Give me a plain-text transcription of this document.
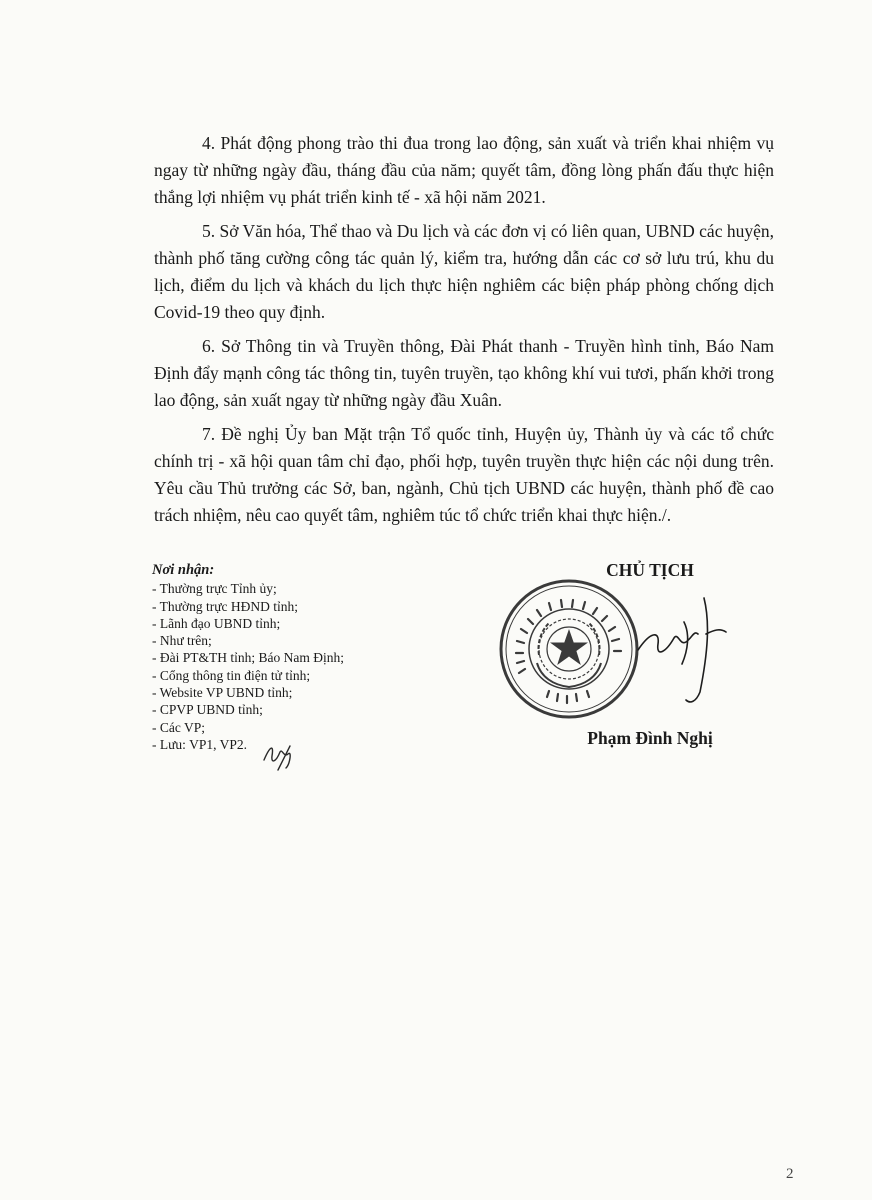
4. Phát động phong trào thi đua trong lao động, sản xuất và triển khai nhiệm vụ ngay từ những ngày đầu, tháng đầu của năm; quyết tâm, đồng lòng phấn đấu thực hiện thắng lợi nhiệm vụ phát triển kinh tế - xã hội năm 2021.

5. Sở Văn hóa, Thể thao và Du lịch và các đơn vị có liên quan, UBND các huyện, thành phố tăng cường công tác quản lý, kiểm tra, hướng dẫn các cơ sở lưu trú, khu du lịch, điểm du lịch và khách du lịch thực hiện nghiêm các biện pháp phòng chống dịch Covid-19 theo quy định.

6. Sở Thông tin và Truyền thông, Đài Phát thanh - Truyền hình tỉnh, Báo Nam Định đẩy mạnh công tác thông tin, tuyên truyền, tạo không khí vui tươi, phấn khởi trong lao động, sản xuất ngay từ những ngày đầu Xuân.

7. Đề nghị Ủy ban Mặt trận Tổ quốc tỉnh, Huyện ủy, Thành ủy và các tổ chức chính trị - xã hội quan tâm chỉ đạo, phối hợp, tuyên truyền thực hiện các nội dung trên. Yêu cầu Thủ trưởng các Sở, ban, ngành, Chủ tịch UBND các huyện, thành phố đề cao trách nhiệm, nêu cao quyết tâm, nghiêm túc tổ chức triển khai thực hiện./.

Nơi nhận:
- Thường trực Tỉnh ủy;
- Thường trực HĐND tỉnh;
- Lãnh đạo UBND tỉnh;
- Như trên;
- Đài PT&TH tỉnh; Báo Nam Định;
- Cổng thông tin điện tử tỉnh;
- Website VP UBND tỉnh;
- CPVP UBND tỉnh;
- Các VP;
- Lưu: VP1, VP2.
CHỦ TỊCH
Phạm Đình Nghị
2
